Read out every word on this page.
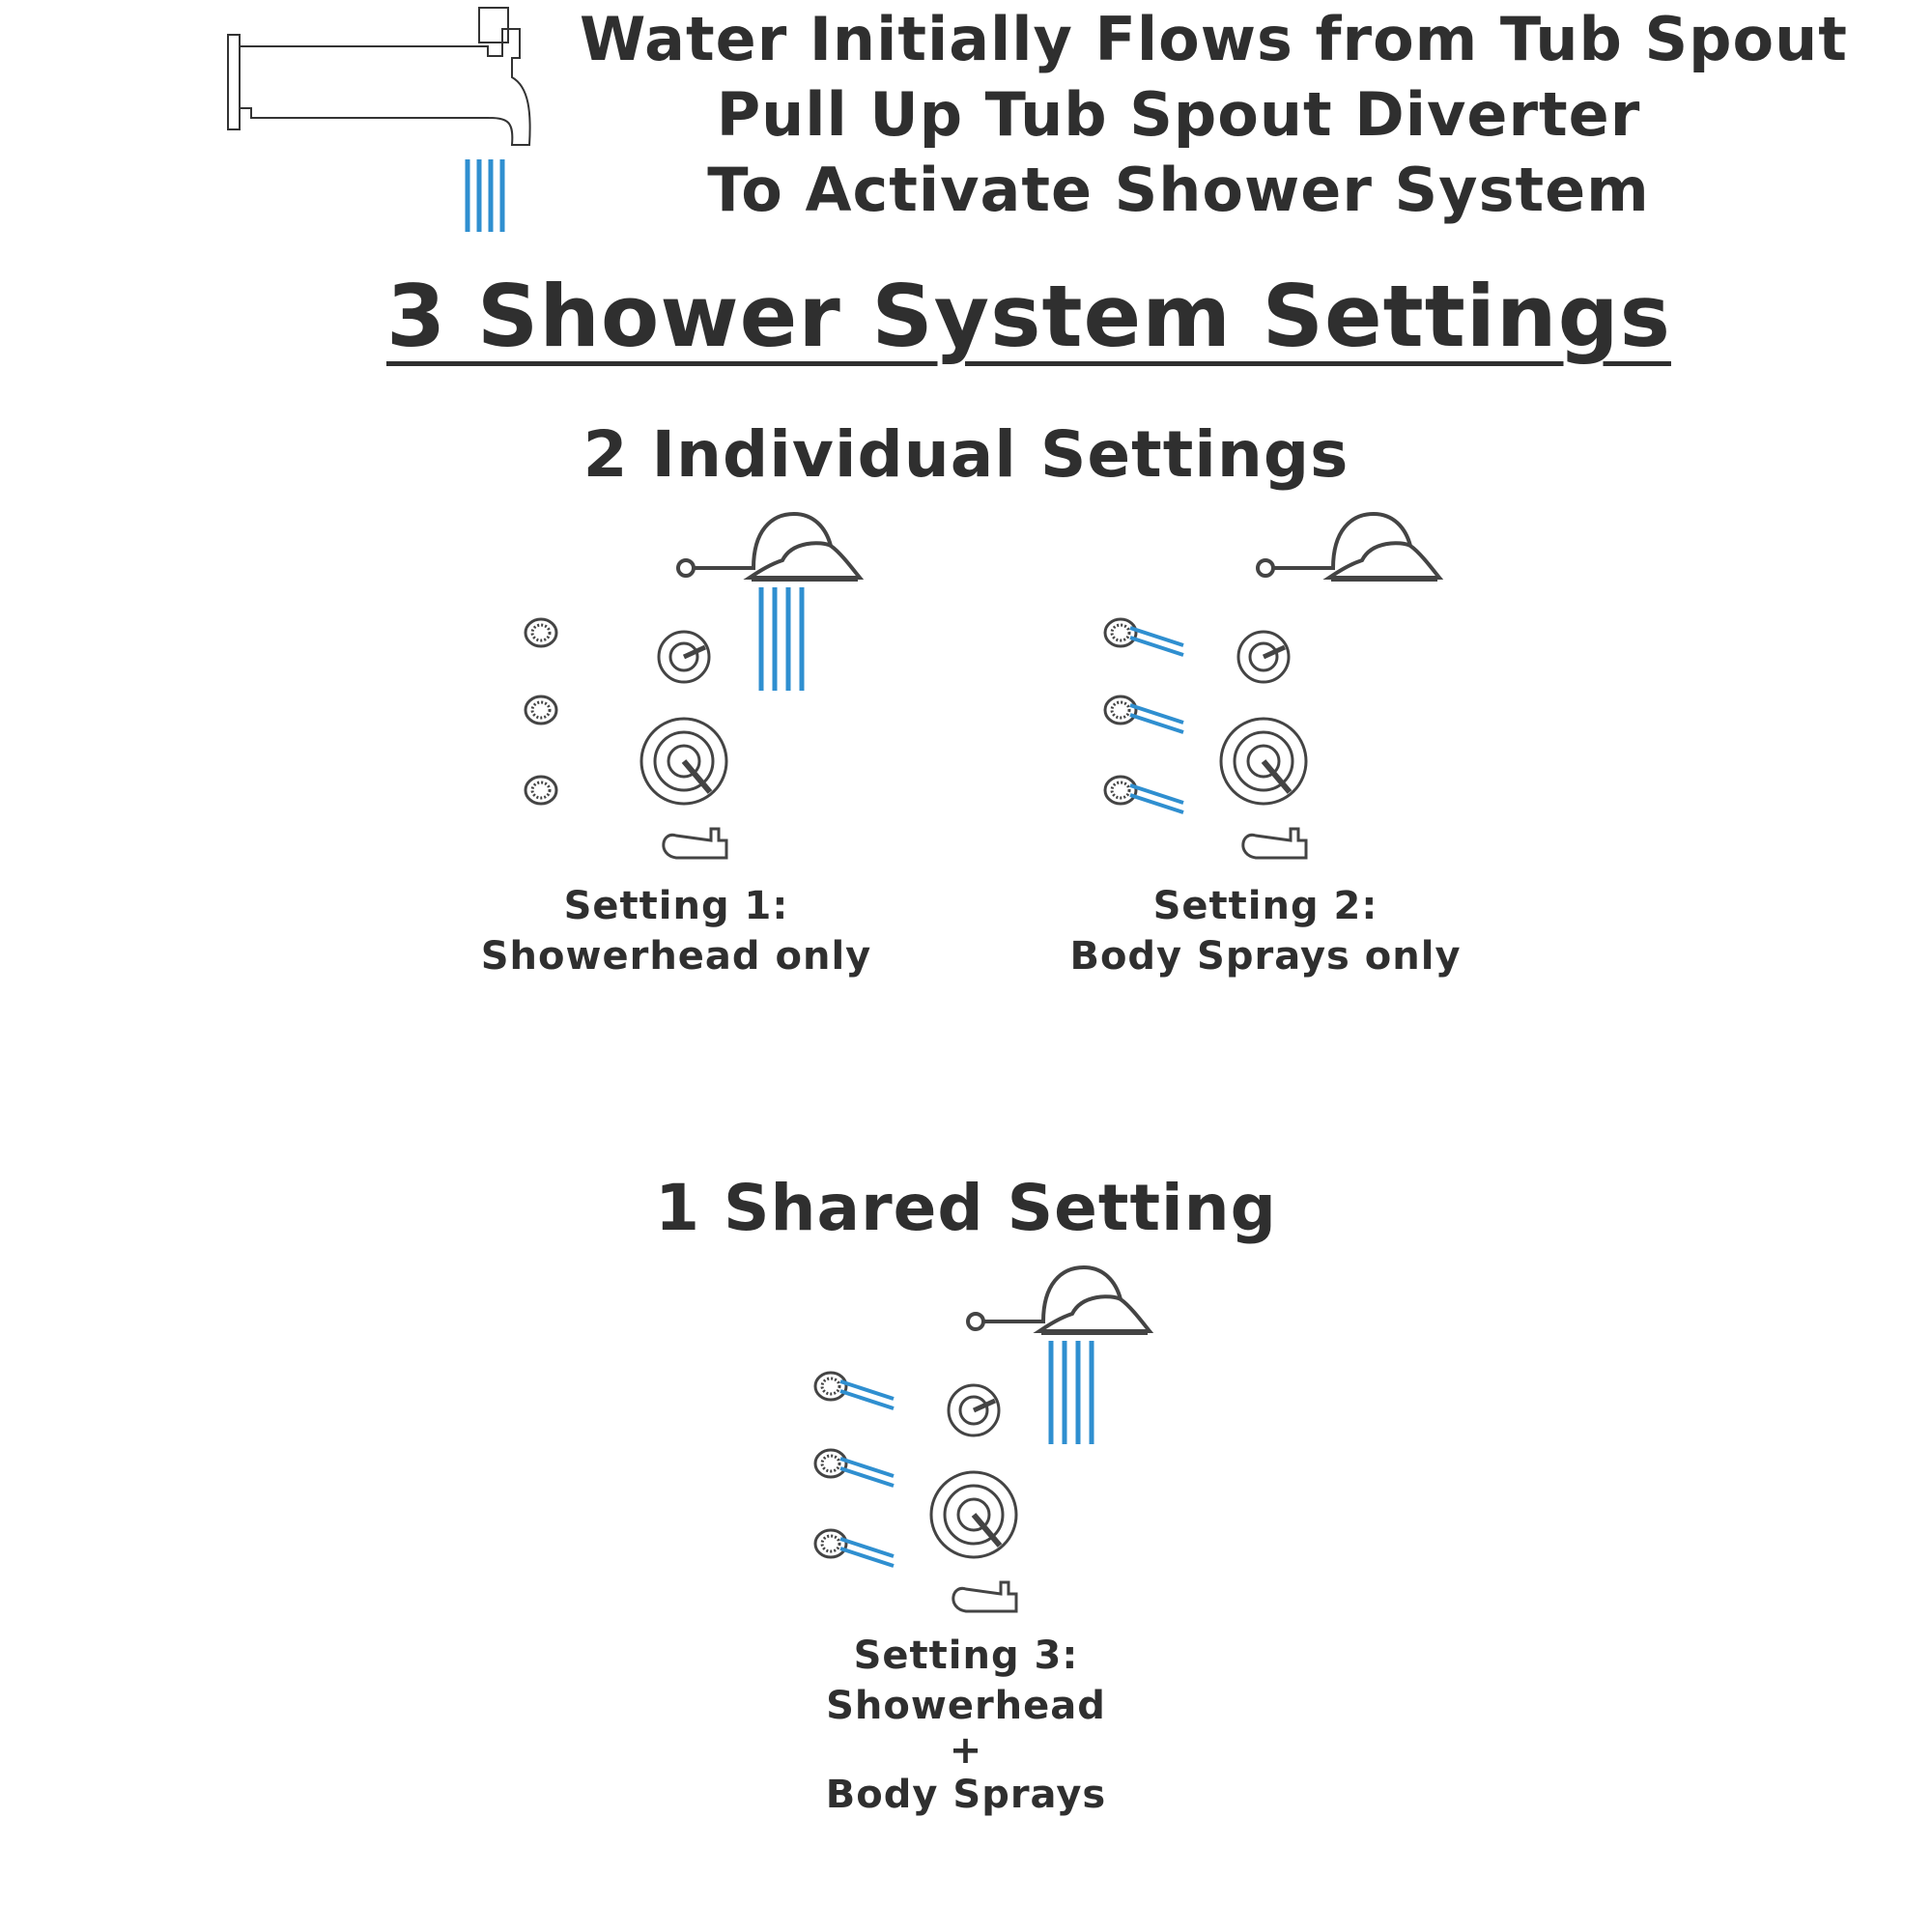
Water Initially Flows from Tub Spout
Pull Up Tub Spout Diverter
To Activate Shower System
3 Shower System Settings
2 Individual Settings
Setting 1:
Showerhead only
Setting 2:
Body Sprays only
1 Shared Setting
Setting 3:
Showerhead
+
Body Sprays
